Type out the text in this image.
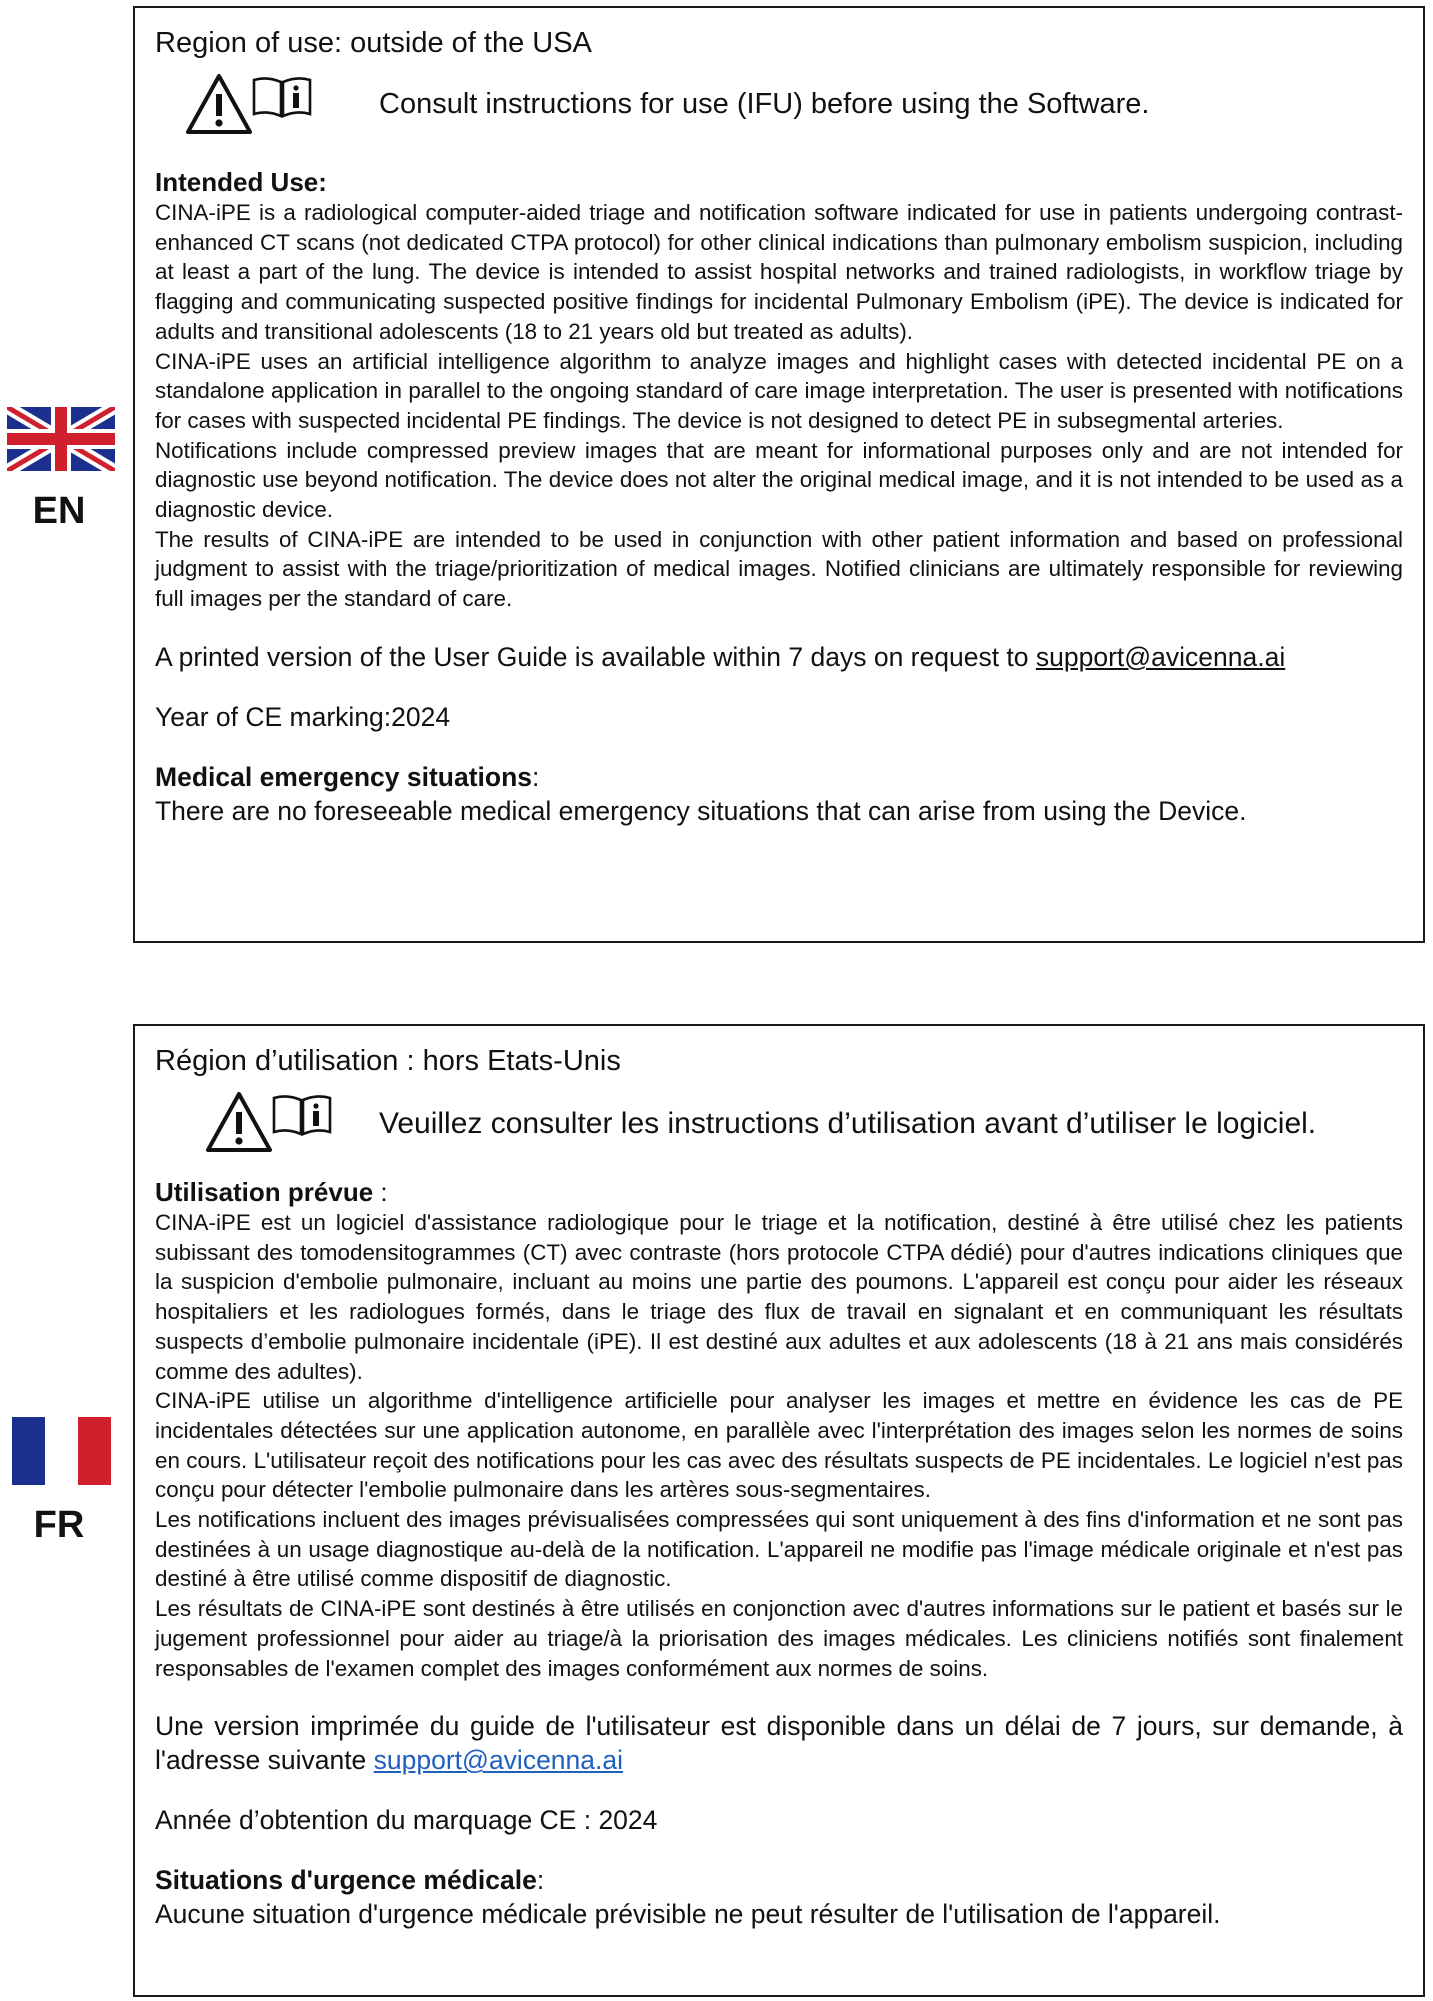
EN

Region of use: outside of the USA

Consult instructions for use (IFU) before using the Software.

Intended Use:

CINA-iPE is a radiological computer-aided triage and notification software indicated for use in patients undergoing contrast-enhanced CT scans (not dedicated CTPA protocol) for other clinical indications than pulmonary embolism suspicion, including at least a part of the lung. The device is intended to assist hospital networks and trained radiologists, in workflow triage by flagging and communicating suspected positive findings for incidental Pulmonary Embolism (iPE). The device is indicated for adults and transitional adolescents (18 to 21 years old but treated as adults).

CINA-iPE uses an artificial intelligence algorithm to analyze images and highlight cases with detected incidental PE on a standalone application in parallel to the ongoing standard of care image interpretation. The user is presented with notifications for cases with suspected incidental PE findings. The device is not designed to detect PE in subsegmental arteries.

Notifications include compressed preview images that are meant for informational purposes only and are not intended for diagnostic use beyond notification. The device does not alter the original medical image, and it is not intended to be used as a diagnostic device.

The results of CINA-iPE are intended to be used in conjunction with other patient information and based on professional judgment to assist with the triage/prioritization of medical images. Notified clinicians are ultimately responsible for reviewing full images per the standard of care.

A printed version of the User Guide is available within 7 days on request to support@avicenna.ai

Year of CE marking:2024

Medical emergency situations:

There are no foreseeable medical emergency situations that can arise from using the Device.

FR

Région d’utilisation : hors Etats-Unis

Veuillez consulter les instructions d’utilisation avant d’utiliser le logiciel.

Utilisation prévue :

CINA-iPE est un logiciel d'assistance radiologique pour le triage et la notification, destiné à être utilisé chez les patients subissant des tomodensitogrammes (CT) avec contraste (hors protocole CTPA dédié) pour d'autres indications cliniques que la suspicion d'embolie pulmonaire, incluant au moins une partie des poumons. L'appareil est conçu pour aider les réseaux hospitaliers et les radiologues formés, dans le triage des flux de travail en signalant et en communiquant les résultats suspects d’embolie pulmonaire incidentale (iPE). Il est destiné aux adultes et aux adolescents (18 à 21 ans mais considérés comme des adultes).

CINA-iPE utilise un algorithme d'intelligence artificielle pour analyser les images et mettre en évidence les cas de PE incidentales détectées sur une application autonome, en parallèle avec l'interprétation des images selon les normes de soins en cours. L'utilisateur reçoit des notifications pour les cas avec des résultats suspects de PE incidentales. Le logiciel n'est pas conçu pour détecter l'embolie pulmonaire dans les artères sous-segmentaires.

Les notifications incluent des images prévisualisées compressées qui sont uniquement à des fins d'information et ne sont pas destinées à un usage diagnostique au-delà de la notification. L'appareil ne modifie pas l'image médicale originale et n'est pas destiné à être utilisé comme dispositif de diagnostic.

Les résultats de CINA-iPE sont destinés à être utilisés en conjonction avec d'autres informations sur le patient et basés sur le jugement professionnel pour aider au triage/à la priorisation des images médicales. Les cliniciens notifiés sont finalement responsables de l'examen complet des images conformément aux normes de soins.

Une version imprimée du guide de l'utilisateur est disponible dans un délai de 7 jours, sur demande, à l'adresse suivante support@avicenna.ai

Année d’obtention du marquage CE : 2024

Situations d'urgence médicale:

Aucune situation d'urgence médicale prévisible ne peut résulter de l'utilisation de l'appareil.
